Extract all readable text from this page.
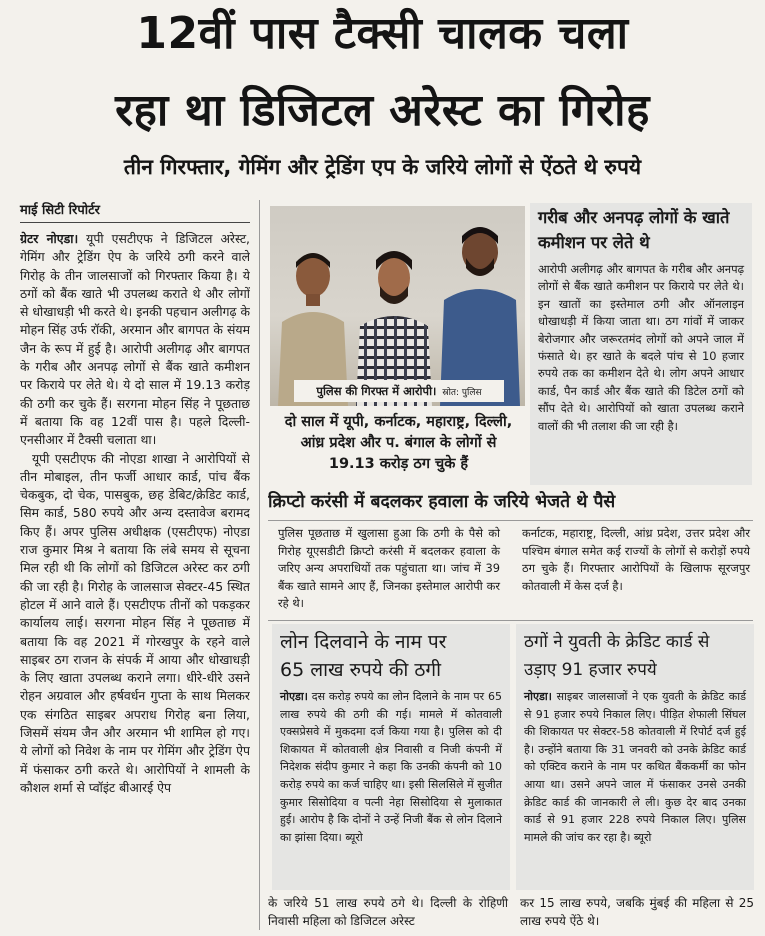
12वीं पास टैक्सी चालक चला
रहा था डिजिटल अरेस्ट का गिरोह
तीन गिरफ्तार, गेमिंग और ट्रेडिंग एप के जरिये लोगों से ऐंठते थे रुपये
माई सिटी रिपोर्टर

ग्रेटर नोएडा। यूपी एसटीएफ ने डिजिटल अरेस्ट, गेमिंग और ट्रेडिंग ऐप के जरिये ठगी करने वाले गिरोह के तीन जालसाजों को गिरफ्तार किया है। ये ठगों को बैंक खाते भी उपलब्ध कराते थे और लोगों से धोखाधड़ी भी करते थे। इनकी पहचान अलीगढ़ के मोहन सिंह उर्फ रॉकी, अरमान और बागपत के संयम जैन के रूप में हुई है। आरोपी अलीगढ़ और बागपत के गरीब और अनपढ़ लोगों से बैंक खाते कमीशन पर किराये पर लेते थे। ये दो साल में 19.13 करोड़ की ठगी कर चुके हैं। सरगना मोहन सिंह ने पूछताछ में बताया कि वह 12वीं पास है। पहले दिल्ली-एनसीआर में टैक्सी चलाता था।

यूपी एसटीएफ की नोएडा शाखा ने आरोपियों से तीन मोबाइल, तीन फर्जी आधार कार्ड, पांच बैंक चेकबुक, दो चेक, पासबुक, छह डेबिट/क्रेडिट कार्ड, सिम कार्ड, 580 रुपये और अन्य दस्तावेज बरामद किए हैं। अपर पुलिस अधीक्षक (एसटीएफ) नोएडा राज कुमार मिश्र ने बताया कि लंबे समय से सूचना मिल रही थी कि लोगों को डिजिटल अरेस्ट कर ठगी की जा रही है। गिरोह के जालसाज सेक्टर-45 स्थित होटल में आने वाले हैं। एसटीएफ तीनों को पकड़कर कार्यालय लाई। सरगना मोहन सिंह ने पूछताछ में बताया कि वह 2021 में गोरखपुर के रहने वाले साइबर ठग राजन के संपर्क में आया और धोखाधड़ी के लिए खाता उपलब्ध कराने लगा। धीरे-धीरे उसने रोहन अग्रवाल और हर्षवर्धन गुप्ता के साथ मिलकर एक संगठित साइबर अपराध गिरोह बना लिया, जिसमें संयम जैन और अरमान भी शामिल हो गए। ये लोगों को निवेश के नाम पर गेमिंग और ट्रेडिंग ऐप में फंसाकर ठगी करते थे। आरोपियों ने शामली के कौशल शर्मा से प्वॉइंट बीआरई ऐप

पुलिस की गिरफ्त में आरोपी। स्रोत: पुलिस
दो साल में यूपी, कर्नाटक, महाराष्ट्र, दिल्ली, आंध्र प्रदेश और प. बंगाल के लोगों से 19.13 करोड़ ठग चुके हैं
गरीब और अनपढ़ लोगों के खाते कमीशन पर लेते थे
आरोपी अलीगढ़ और बागपत के गरीब और अनपढ़ लोगों से बैंक खाते कमीशन पर किराये पर लेते थे। इन खातों का इस्तेमाल ठगी और ऑनलाइन धोखाधड़ी में किया जाता था। ठग गांवों में जाकर बेरोजगार और जरूरतमंद लोगों को अपने जाल में फंसाते थे। हर खाते के बदले पांच से 10 हजार रुपये तक का कमीशन देते थे। लोग अपने आधार कार्ड, पैन कार्ड और बैंक खाते की डिटेल ठगों को सौंप देते थे। आरोपियों को खाता उपलब्ध कराने वालों की भी तलाश की जा रही है।
क्रिप्टो करंसी में बदलकर हवाला के जरिये भेजते थे पैसे
पुलिस पूछताछ में खुलासा हुआ कि ठगी के पैसे को गिरोह यूएसडीटी क्रिप्टो करंसी में बदलकर हवाला के जरिए अन्य अपराधियों तक पहुंचाता था। जांच में 39 बैंक खाते सामने आए हैं, जिनका इस्तेमाल आरोपी कर रहे थे।
कर्नाटक, महाराष्ट्र, दिल्ली, आंध्र प्रदेश, उत्तर प्रदेश और पश्चिम बंगाल समेत कई राज्यों के लोगों से करोड़ों रुपये ठग चुके हैं। गिरफ्तार आरोपियों के खिलाफ सूरजपुर कोतवाली में केस दर्ज है।
लोन दिलवाने के नाम पर
65 लाख रुपये की ठगी
नोएडा। दस करोड़ रुपये का लोन दिलाने के नाम पर 65 लाख रुपये की ठगी की गई। मामले में कोतवाली एक्सप्रेसवे में मुकदमा दर्ज किया गया है। पुलिस को दी शिकायत में कोतवाली क्षेत्र निवासी व निजी कंपनी में निदेशक संदीप कुमार ने कहा कि उनकी कंपनी को 10 करोड़ रुपये का कर्ज चाहिए था। इसी सिलसिले में सुजीत कुमार सिसोदिया व पत्नी नेहा सिसोदिया से मुलाकात हुई। आरोप है कि दोनों ने उन्हें निजी बैंक से लोन दिलाने का झांसा दिया। ब्यूरो
ठगों ने युवती के क्रेडिट कार्ड से
उड़ाए 91 हजार रुपये
नोएडा। साइबर जालसाजों ने एक युवती के क्रेडिट कार्ड से 91 हजार रुपये निकाल लिए। पीड़ित शेफाली सिंघल की शिकायत पर सेक्टर-58 कोतवाली में रिपोर्ट दर्ज हुई है। उन्होंने बताया कि 31 जनवरी को उनके क्रेडिट कार्ड को एक्टिव कराने के नाम पर कथित बैंककर्मी का फोन आया था। उसने अपने जाल में फंसाकर उनसे उनकी क्रेडिट कार्ड की जानकारी ले ली। कुछ देर बाद उनका कार्ड से 91 हजार 228 रुपये निकाल लिए। पुलिस मामले की जांच कर रहा है। ब्यूरो
के जरिये 51 लाख रुपये ठगे थे। दिल्ली के रोहिणी निवासी महिला को डिजिटल अरेस्ट
कर 15 लाख रुपये, जबकि मुंबई की महिला से 25 लाख रुपये ऐंठे थे।
